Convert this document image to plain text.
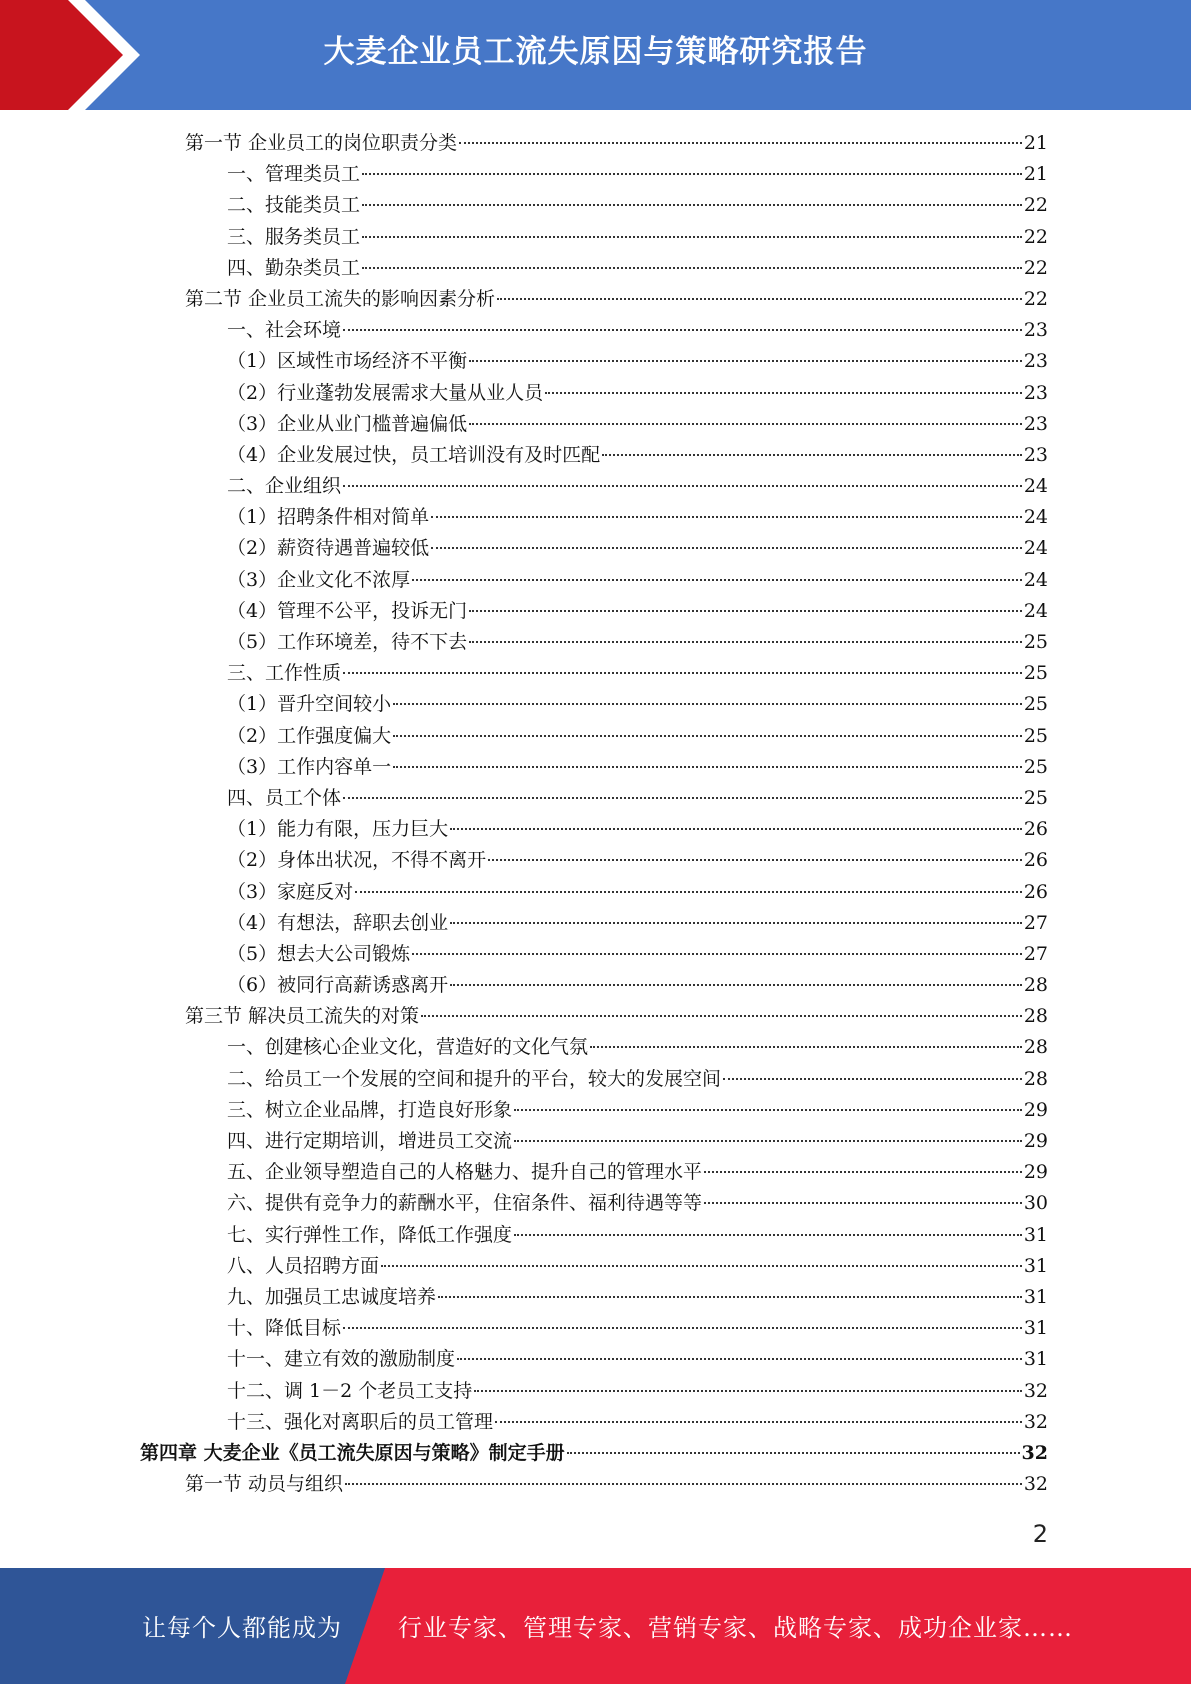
大麦企业员工流失原因与策略研究报告
第一节 企业员工的岗位职责分类	21
一、管理类员工	21
二、技能类员工	22
三、服务类员工	22
四、勤杂类员工	22
第二节 企业员工流失的影响因素分析	22
一、社会环境	23
（1）区域性市场经济不平衡	23
（2）行业蓬勃发展需求大量从业人员	23
（3）企业从业门槛普遍偏低	23
（4）企业发展过快，员工培训没有及时匹配	23
二、企业组织	24
（1）招聘条件相对简单	24
（2）薪资待遇普遍较低	24
（3）企业文化不浓厚	24
（4）管理不公平，投诉无门	24
（5）工作环境差，待不下去	25
三、工作性质	25
（1）晋升空间较小	25
（2）工作强度偏大	25
（3）工作内容单一	25
四、员工个体	25
（1）能力有限，压力巨大	26
（2）身体出状况，不得不离开	26
（3）家庭反对	26
（4）有想法，辞职去创业	27
（5）想去大公司锻炼	27
（6）被同行高薪诱惑离开	28
第三节 解决员工流失的对策	28
一、创建核心企业文化，营造好的文化气氛	28
二、给员工一个发展的空间和提升的平台，较大的发展空间	28
三、树立企业品牌，打造良好形象	29
四、进行定期培训，增进员工交流	29
五、企业领导塑造自己的人格魅力、提升自己的管理水平	29
六、提供有竞争力的薪酬水平，住宿条件、福利待遇等等	30
七、实行弹性工作，降低工作强度	31
八、人员招聘方面	31
九、加强员工忠诚度培养	31
十、降低目标	31
十一、建立有效的激励制度	31
十二、调 1－2 个老员工支持	32
十三、强化对离职后的员工管理	32
第四章 大麦企业《员工流失原因与策略》制定手册	32
第一节 动员与组织	32
2
让每个人都能成为 行业专家、管理专家、营销专家、战略专家、成功企业家……
